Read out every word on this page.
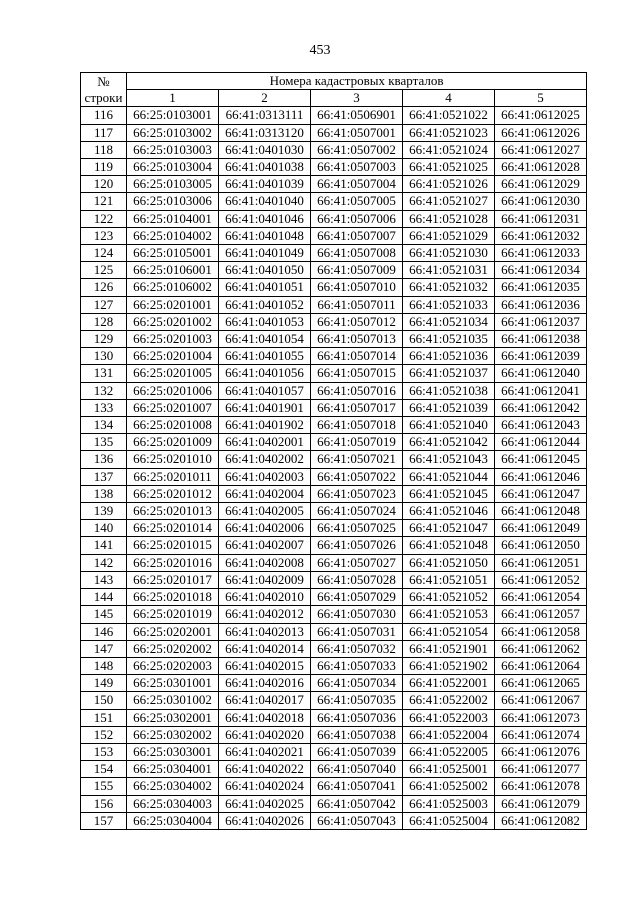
453
№
строки	Номера кадастровых кварталов				
	1	2	3	4	5
116	66:25:0103001	66:41:0313111	66:41:0506901	66:41:0521022	66:41:0612025
117	66:25:0103002	66:41:0313120	66:41:0507001	66:41:0521023	66:41:0612026
118	66:25:0103003	66:41:0401030	66:41:0507002	66:41:0521024	66:41:0612027
119	66:25:0103004	66:41:0401038	66:41:0507003	66:41:0521025	66:41:0612028
120	66:25:0103005	66:41:0401039	66:41:0507004	66:41:0521026	66:41:0612029
121	66:25:0103006	66:41:0401040	66:41:0507005	66:41:0521027	66:41:0612030
122	66:25:0104001	66:41:0401046	66:41:0507006	66:41:0521028	66:41:0612031
123	66:25:0104002	66:41:0401048	66:41:0507007	66:41:0521029	66:41:0612032
124	66:25:0105001	66:41:0401049	66:41:0507008	66:41:0521030	66:41:0612033
125	66:25:0106001	66:41:0401050	66:41:0507009	66:41:0521031	66:41:0612034
126	66:25:0106002	66:41:0401051	66:41:0507010	66:41:0521032	66:41:0612035
127	66:25:0201001	66:41:0401052	66:41:0507011	66:41:0521033	66:41:0612036
128	66:25:0201002	66:41:0401053	66:41:0507012	66:41:0521034	66:41:0612037
129	66:25:0201003	66:41:0401054	66:41:0507013	66:41:0521035	66:41:0612038
130	66:25:0201004	66:41:0401055	66:41:0507014	66:41:0521036	66:41:0612039
131	66:25:0201005	66:41:0401056	66:41:0507015	66:41:0521037	66:41:0612040
132	66:25:0201006	66:41:0401057	66:41:0507016	66:41:0521038	66:41:0612041
133	66:25:0201007	66:41:0401901	66:41:0507017	66:41:0521039	66:41:0612042
134	66:25:0201008	66:41:0401902	66:41:0507018	66:41:0521040	66:41:0612043
135	66:25:0201009	66:41:0402001	66:41:0507019	66:41:0521042	66:41:0612044
136	66:25:0201010	66:41:0402002	66:41:0507021	66:41:0521043	66:41:0612045
137	66:25:0201011	66:41:0402003	66:41:0507022	66:41:0521044	66:41:0612046
138	66:25:0201012	66:41:0402004	66:41:0507023	66:41:0521045	66:41:0612047
139	66:25:0201013	66:41:0402005	66:41:0507024	66:41:0521046	66:41:0612048
140	66:25:0201014	66:41:0402006	66:41:0507025	66:41:0521047	66:41:0612049
141	66:25:0201015	66:41:0402007	66:41:0507026	66:41:0521048	66:41:0612050
142	66:25:0201016	66:41:0402008	66:41:0507027	66:41:0521050	66:41:0612051
143	66:25:0201017	66:41:0402009	66:41:0507028	66:41:0521051	66:41:0612052
144	66:25:0201018	66:41:0402010	66:41:0507029	66:41:0521052	66:41:0612054
145	66:25:0201019	66:41:0402012	66:41:0507030	66:41:0521053	66:41:0612057
146	66:25:0202001	66:41:0402013	66:41:0507031	66:41:0521054	66:41:0612058
147	66:25:0202002	66:41:0402014	66:41:0507032	66:41:0521901	66:41:0612062
148	66:25:0202003	66:41:0402015	66:41:0507033	66:41:0521902	66:41:0612064
149	66:25:0301001	66:41:0402016	66:41:0507034	66:41:0522001	66:41:0612065
150	66:25:0301002	66:41:0402017	66:41:0507035	66:41:0522002	66:41:0612067
151	66:25:0302001	66:41:0402018	66:41:0507036	66:41:0522003	66:41:0612073
152	66:25:0302002	66:41:0402020	66:41:0507038	66:41:0522004	66:41:0612074
153	66:25:0303001	66:41:0402021	66:41:0507039	66:41:0522005	66:41:0612076
154	66:25:0304001	66:41:0402022	66:41:0507040	66:41:0525001	66:41:0612077
155	66:25:0304002	66:41:0402024	66:41:0507041	66:41:0525002	66:41:0612078
156	66:25:0304003	66:41:0402025	66:41:0507042	66:41:0525003	66:41:0612079
157	66:25:0304004	66:41:0402026	66:41:0507043	66:41:0525004	66:41:0612082
